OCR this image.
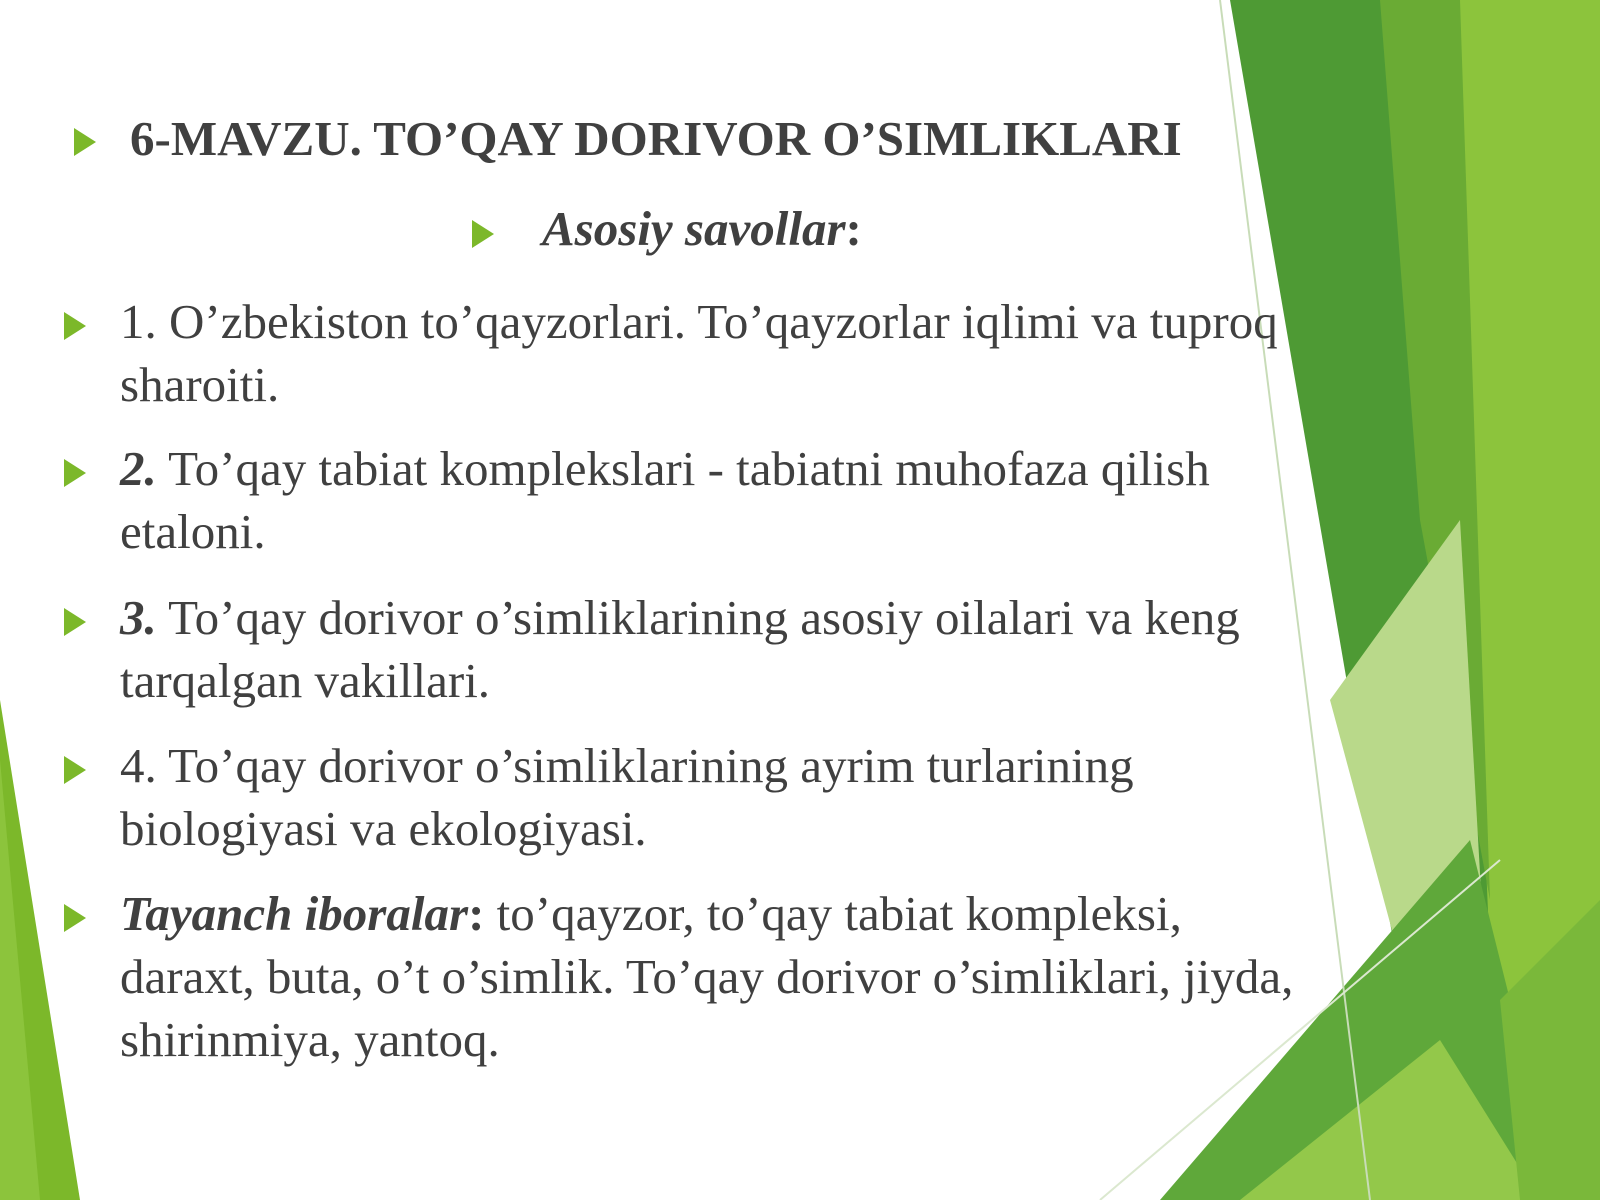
6-MAVZU. TO’QAY DORIVOR O’SIMLIKLARI
Asosiy savollar:
1. O’zbekiston to’qayzorlari. To’qayzorlar iqlimi va tuproq sharoiti.
2. To’qay tabiat komplekslari - tabiatni muhofaza qilish etaloni.
3. To’qay dorivor o’simliklarining asosiy oilalari va keng tarqalgan vakillari.
4. To’qay dorivor o’simliklarining ayrim turlarining biologiyasi va ekologiyasi.
Tayanch iboralar: to’qayzor, to’qay tabiat kompleksi, daraxt, buta, o’t o’simlik. To’qay dorivor o’simliklari, jiyda, shirinmiya, yantoq.
